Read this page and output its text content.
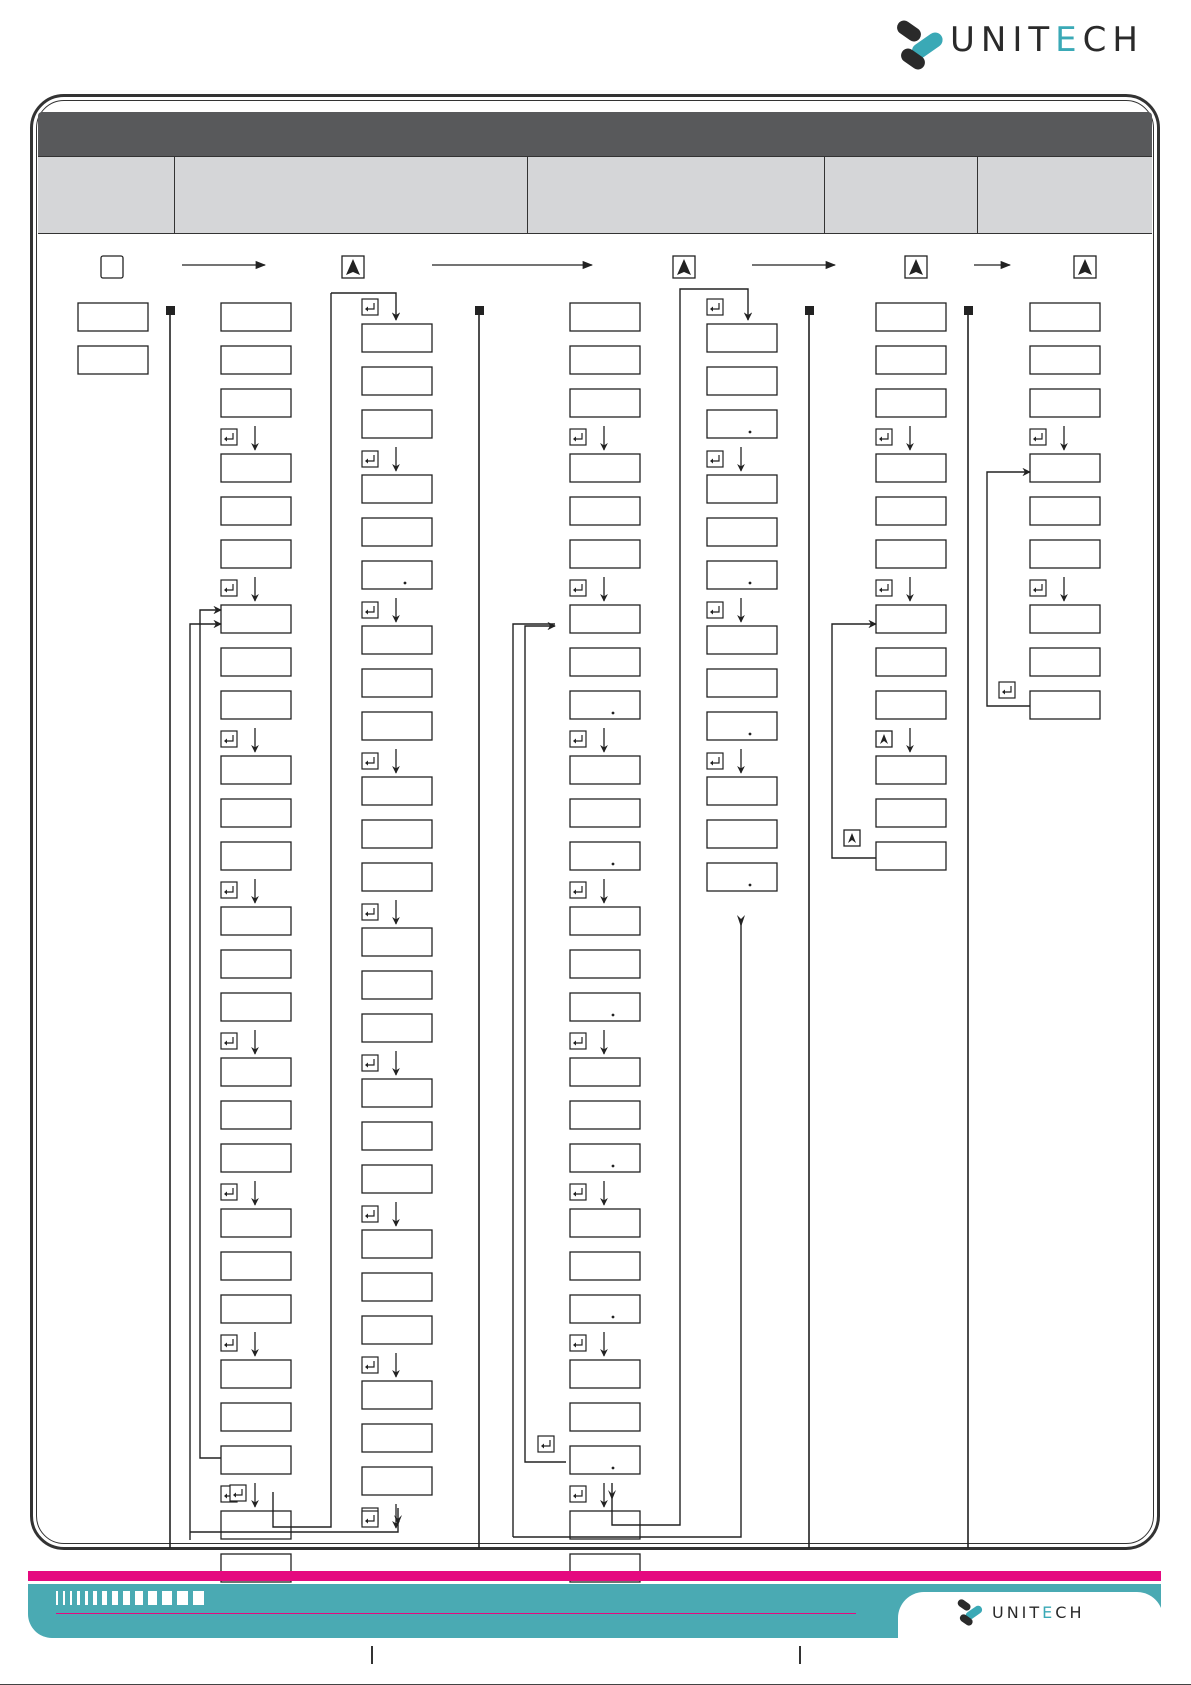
UNITECH
UNITECH
